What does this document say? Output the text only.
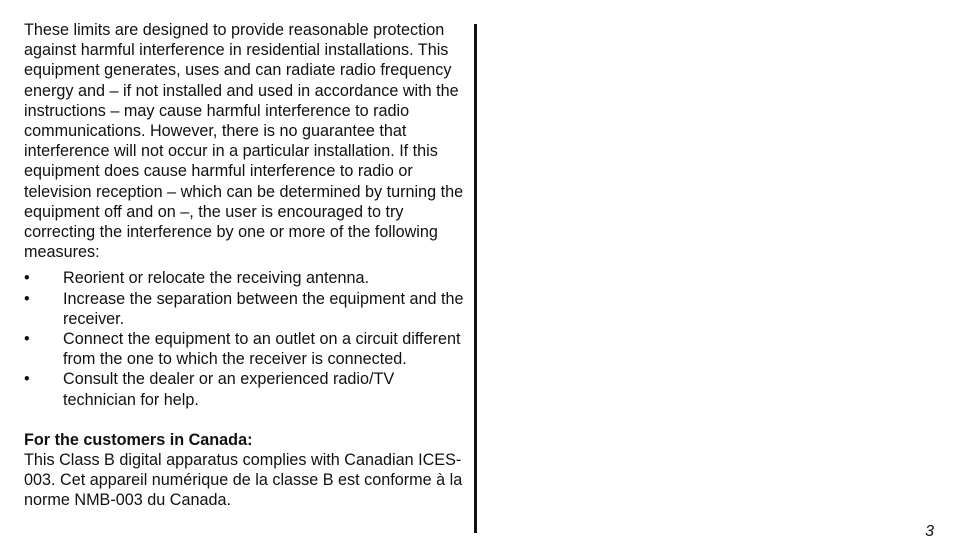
These limits are designed to provide reasonable protection against harmful interference in residential installations. This equipment generates, uses and can radiate radio frequency energy and – if not installed and used in accordance with the instructions – may cause harmful interference to radio communications. However, there is no guarantee that interference will not occur in a particular installation. If this equipment does cause harmful interference to radio or television reception – which can be determined by turning the equipment off and on –, the user is encouraged to try correcting the interference by one or more of the following measures:

• Reorient or relocate the receiving antenna.
• Increase the separation between the equipment and the receiver.
• Connect the equipment to an outlet on a circuit different from the one to which the receiver is connected.
• Consult the dealer or an experienced radio/TV technician for help.

For the customers in Canada:

This Class B digital apparatus complies with Canadian ICES-003. Cet appareil numérique de la classe B est conforme à la norme NMB-003 du Canada.

3
